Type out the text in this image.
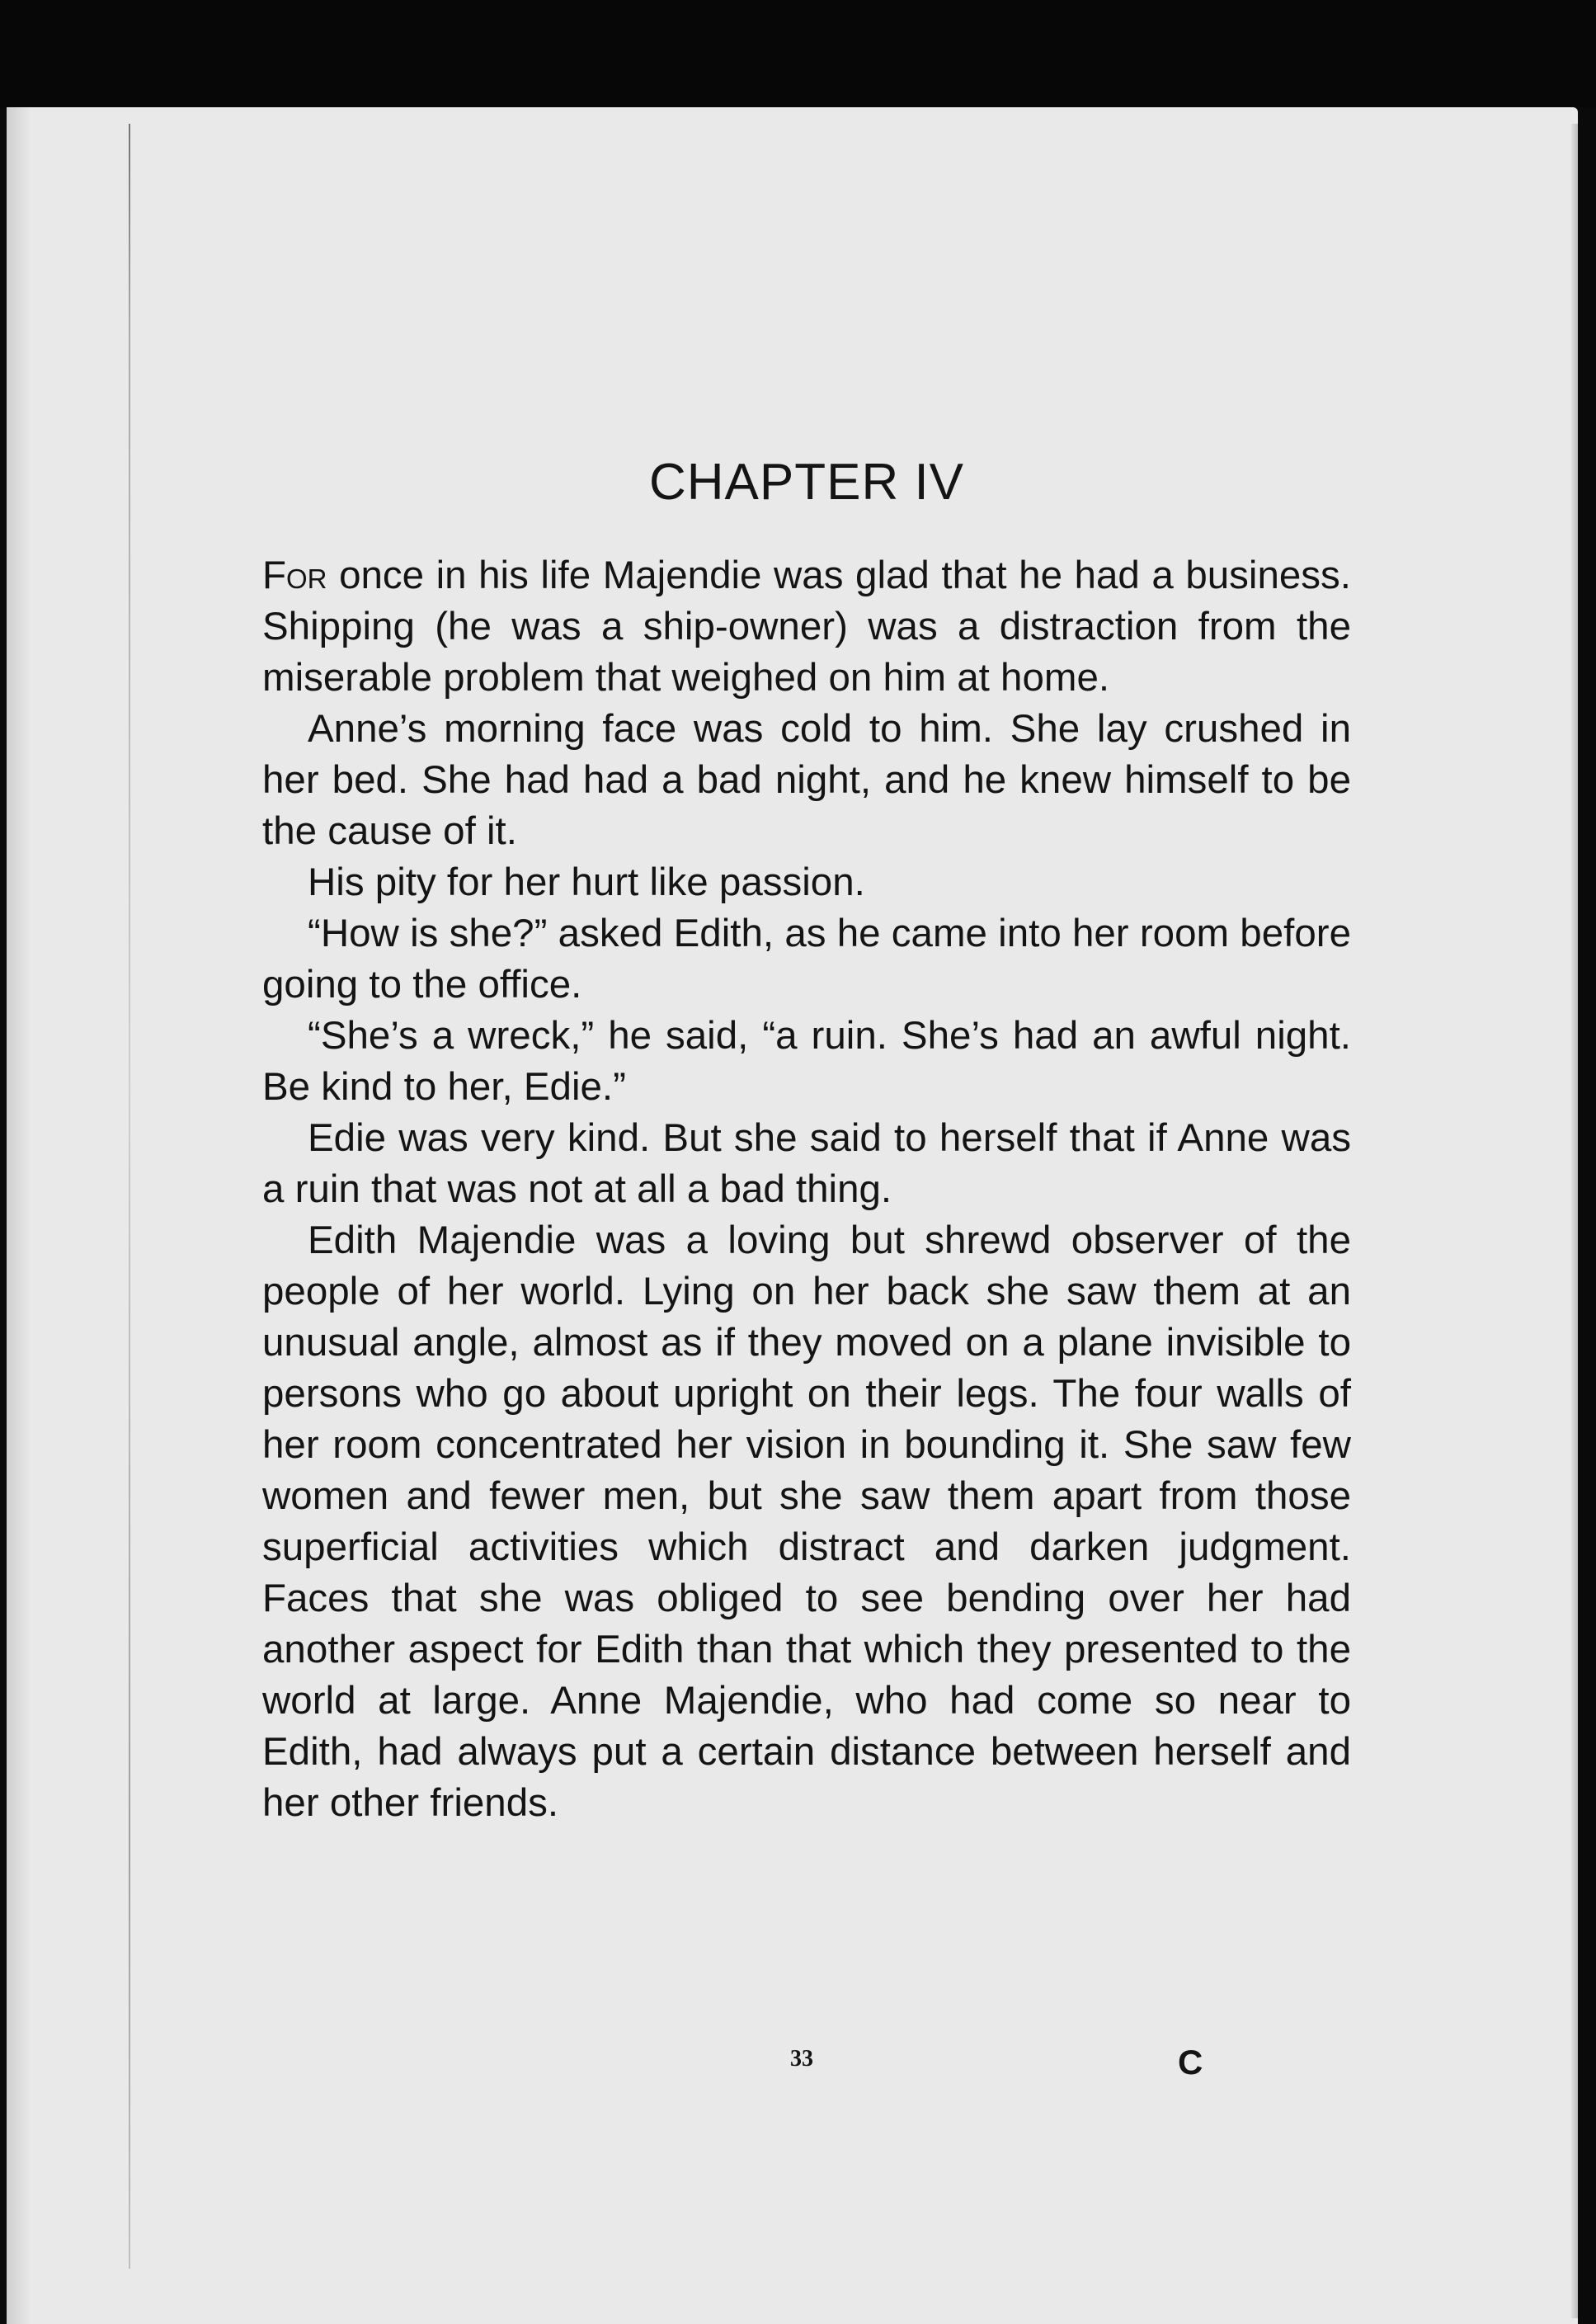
CHAPTER IV

For once in his life Majendie was glad that he had a business. Shipping (he was a ship-owner) was a distraction from the miserable problem that weighed on him at home.

Anne’s morning face was cold to him. She lay crushed in her bed. She had had a bad night, and he knew himself to be the cause of it.

His pity for her hurt like passion.

“How is she?” asked Edith, as he came into her room before going to the office.

“She’s a wreck,” he said, “a ruin. She’s had an awful night. Be kind to her, Edie.”

Edie was very kind. But she said to herself that if Anne was a ruin that was not at all a bad thing.

Edith Majendie was a loving but shrewd observer of the people of her world. Lying on her back she saw them at an unusual angle, almost as if they moved on a plane invisible to persons who go about upright on their legs. The four walls of her room concentrated her vision in bounding it. She saw few women and fewer men, but she saw them apart from those superficial activities which distract and darken judgment. Faces that she was obliged to see bending over her had another aspect for Edith than that which they presented to the world at large. Anne Majendie, who had come so near to Edith, had always put a certain distance between herself and her other friends.

33	C
